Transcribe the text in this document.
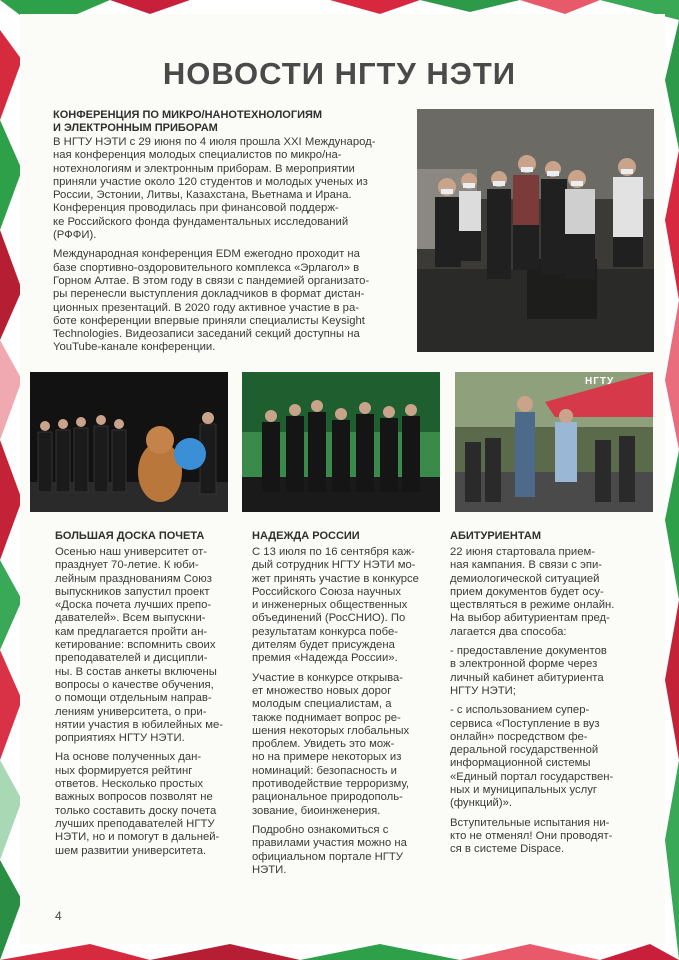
НОВОСТИ НГТУ НЭТИ
КОНФЕРЕНЦИЯ ПО МИКРО/НАНОТЕХНОЛОГИЯМ
И ЭЛЕКТРОННЫМ ПРИБОРАМ

В НГТУ НЭТИ с 29 июня по 4 июля прошла XXI Международ-

ная конференция молодых специалистов по микро/на-

нотехнологиям и электронным приборам. В мероприятии

приняли участие около 120 студентов и молодых ученых из

России, Эстонии, Литвы, Казахстана, Вьетнама и Ирана.

Конференция проводилась при финансовой поддерж-

ке Российского фонда фундаментальных исследований

(РФФИ).

Международная конференция EDM ежегодно проходит на

базе спортивно-оздоровительного комплекса «Эрлагол» в

Горном Алтае. В этом году в связи с пандемией организато-

ры перенесли выступления докладчиков в формат дистан-

ционных презентаций. В 2020 году активное участие в ра-

боте конференции впервые приняли специалисты Keysight

Technologies. Видеозаписи заседаний секций доступны на

YouTube-канале конференции.

НГТУ
БОЛЬШАЯ ДОСКА ПОЧЕТА

Осенью наш университет от-

празднует 70-летие. К юби-

лейным празднованиям Союз

выпускников запустил проект

«Доска почета лучших препо-

давателей». Всем выпускни-

кам предлагается пройти ан-

кетирование: вспомнить своих

преподавателей и дисципли-

ны. В состав анкеты включены

вопросы о качестве обучения,

о помощи отдельным направ-

лениям университета, о при-

нятии участия в юбилейных ме-

роприятиях НГТУ НЭТИ.

На основе полученных дан-

ных формируется рейтинг

ответов. Несколько простых

важных вопросов позволят не

только составить доску почета

лучших преподавателей НГТУ

НЭТИ, но и помогут в дальней-

шем развитии университета.

НАДЕЖДА РОССИИ

С 13 июля по 16 сентября каж-

дый сотрудник НГТУ НЭТИ мо-

жет принять участие в конкурсе

Российского Союза научных

и инженерных общественных

объединений (РосСНИО). По

результатам конкурса побе-

дителям будет присуждена

премия «Надежда России».

Участие в конкурсе открыва-

ет множество новых дорог

молодым специалистам, а

также поднимает вопрос ре-

шения некоторых глобальных

проблем. Увидеть это мож-

но на примере некоторых из

номинаций: безопасность и

противодействие терроризму,

рациональное природополь-

зование, биоинженерия.

Подробно ознакомиться с

правилами участия можно на

официальном портале НГТУ

НЭТИ.

АБИТУРИЕНТАМ

22 июня стартовала прием-

ная кампания. В связи с эпи-

демиологической ситуацией

прием документов будет осу-

ществляться в режиме онлайн.

На выбор абитуриентам пред-

лагается два способа:

- предоставление документов

в электронной форме через

личный кабинет абитуриента

НГТУ НЭТИ;

- с использованием супер-

сервиса «Поступление в вуз

онлайн» посредством фе-

деральной государственной

информационной системы

«Единый портал государствен-

ных и муниципальных услуг

(функций)».

Вступительные испытания ни-

кто не отменял! Они проводят-

ся в системе Dispace.

4
